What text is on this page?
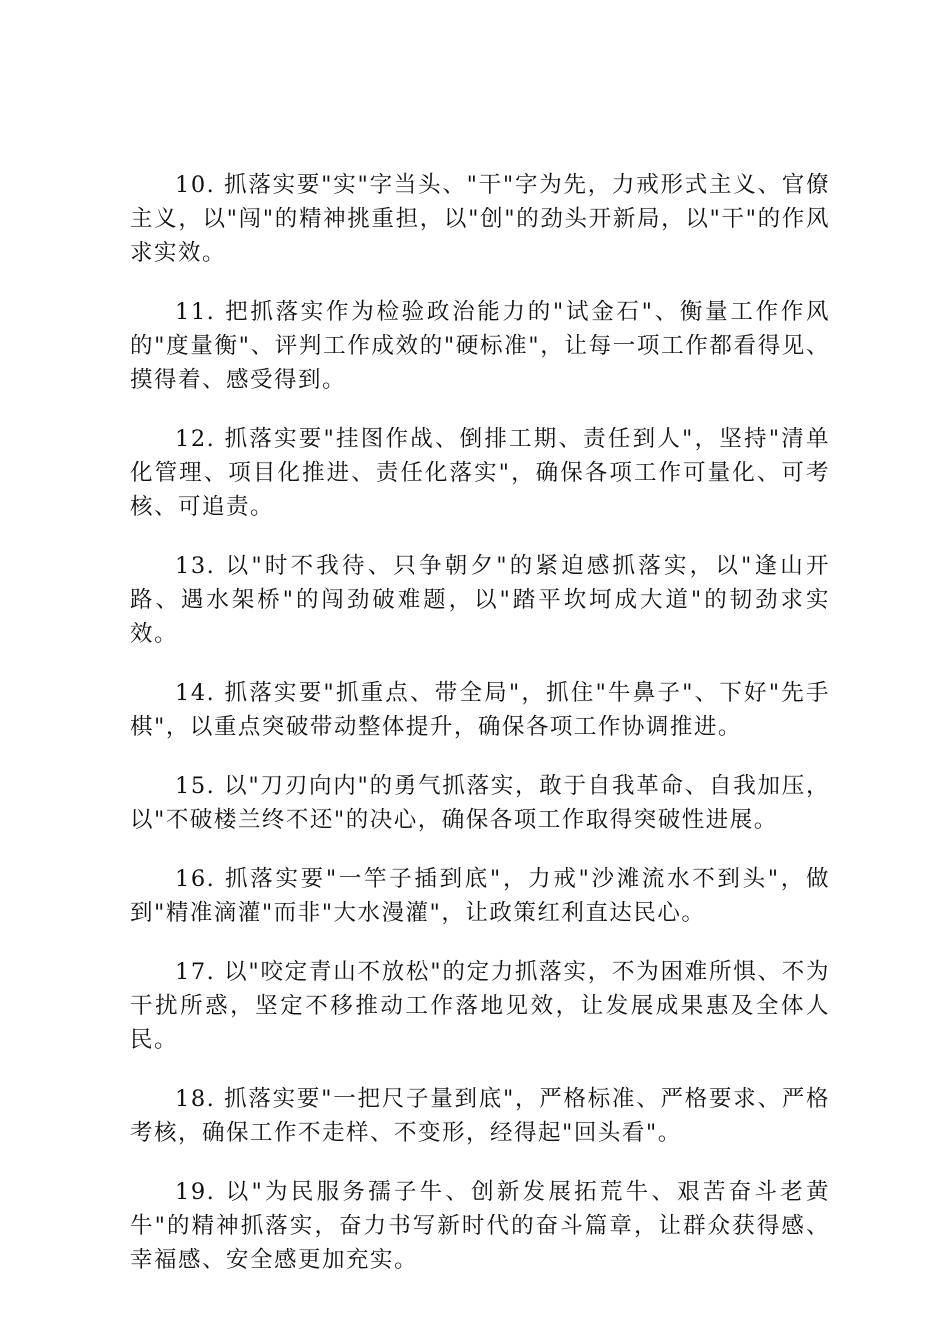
10. 抓落实要"实"字当头、"干"字为先，力戒形式主义、官僚主义，以"闯"的精神挑重担，以"创"的劲头开新局，以"干"的作风求实效。

11. 把抓落实作为检验政治能力的"试金石"、衡量工作作风的"度量衡"、评判工作成效的"硬标准"，让每一项工作都看得见、摸得着、感受得到。

12. 抓落实要"挂图作战、倒排工期、责任到人"，坚持"清单化管理、项目化推进、责任化落实"，确保各项工作可量化、可考核、可追责。

13. 以"时不我待、只争朝夕"的紧迫感抓落实，以"逢山开路、遇水架桥"的闯劲破难题，以"踏平坎坷成大道"的韧劲求实效。

14. 抓落实要"抓重点、带全局"，抓住"牛鼻子"、下好"先手棋"，以重点突破带动整体提升，确保各项工作协调推进。

15. 以"刀刃向内"的勇气抓落实，敢于自我革命、自我加压，以"不破楼兰终不还"的决心，确保各项工作取得突破性进展。

16. 抓落实要"一竿子插到底"，力戒"沙滩流水不到头"，做到"精准滴灌"而非"大水漫灌"，让政策红利直达民心。

17. 以"咬定青山不放松"的定力抓落实，不为困难所惧、不为干扰所惑，坚定不移推动工作落地见效，让发展成果惠及全体人民。

18. 抓落实要"一把尺子量到底"，严格标准、严格要求、严格考核，确保工作不走样、不变形，经得起"回头看"。

19. 以"为民服务孺子牛、创新发展拓荒牛、艰苦奋斗老黄牛"的精神抓落实，奋力书写新时代的奋斗篇章，让群众获得感、幸福感、安全感更加充实。
